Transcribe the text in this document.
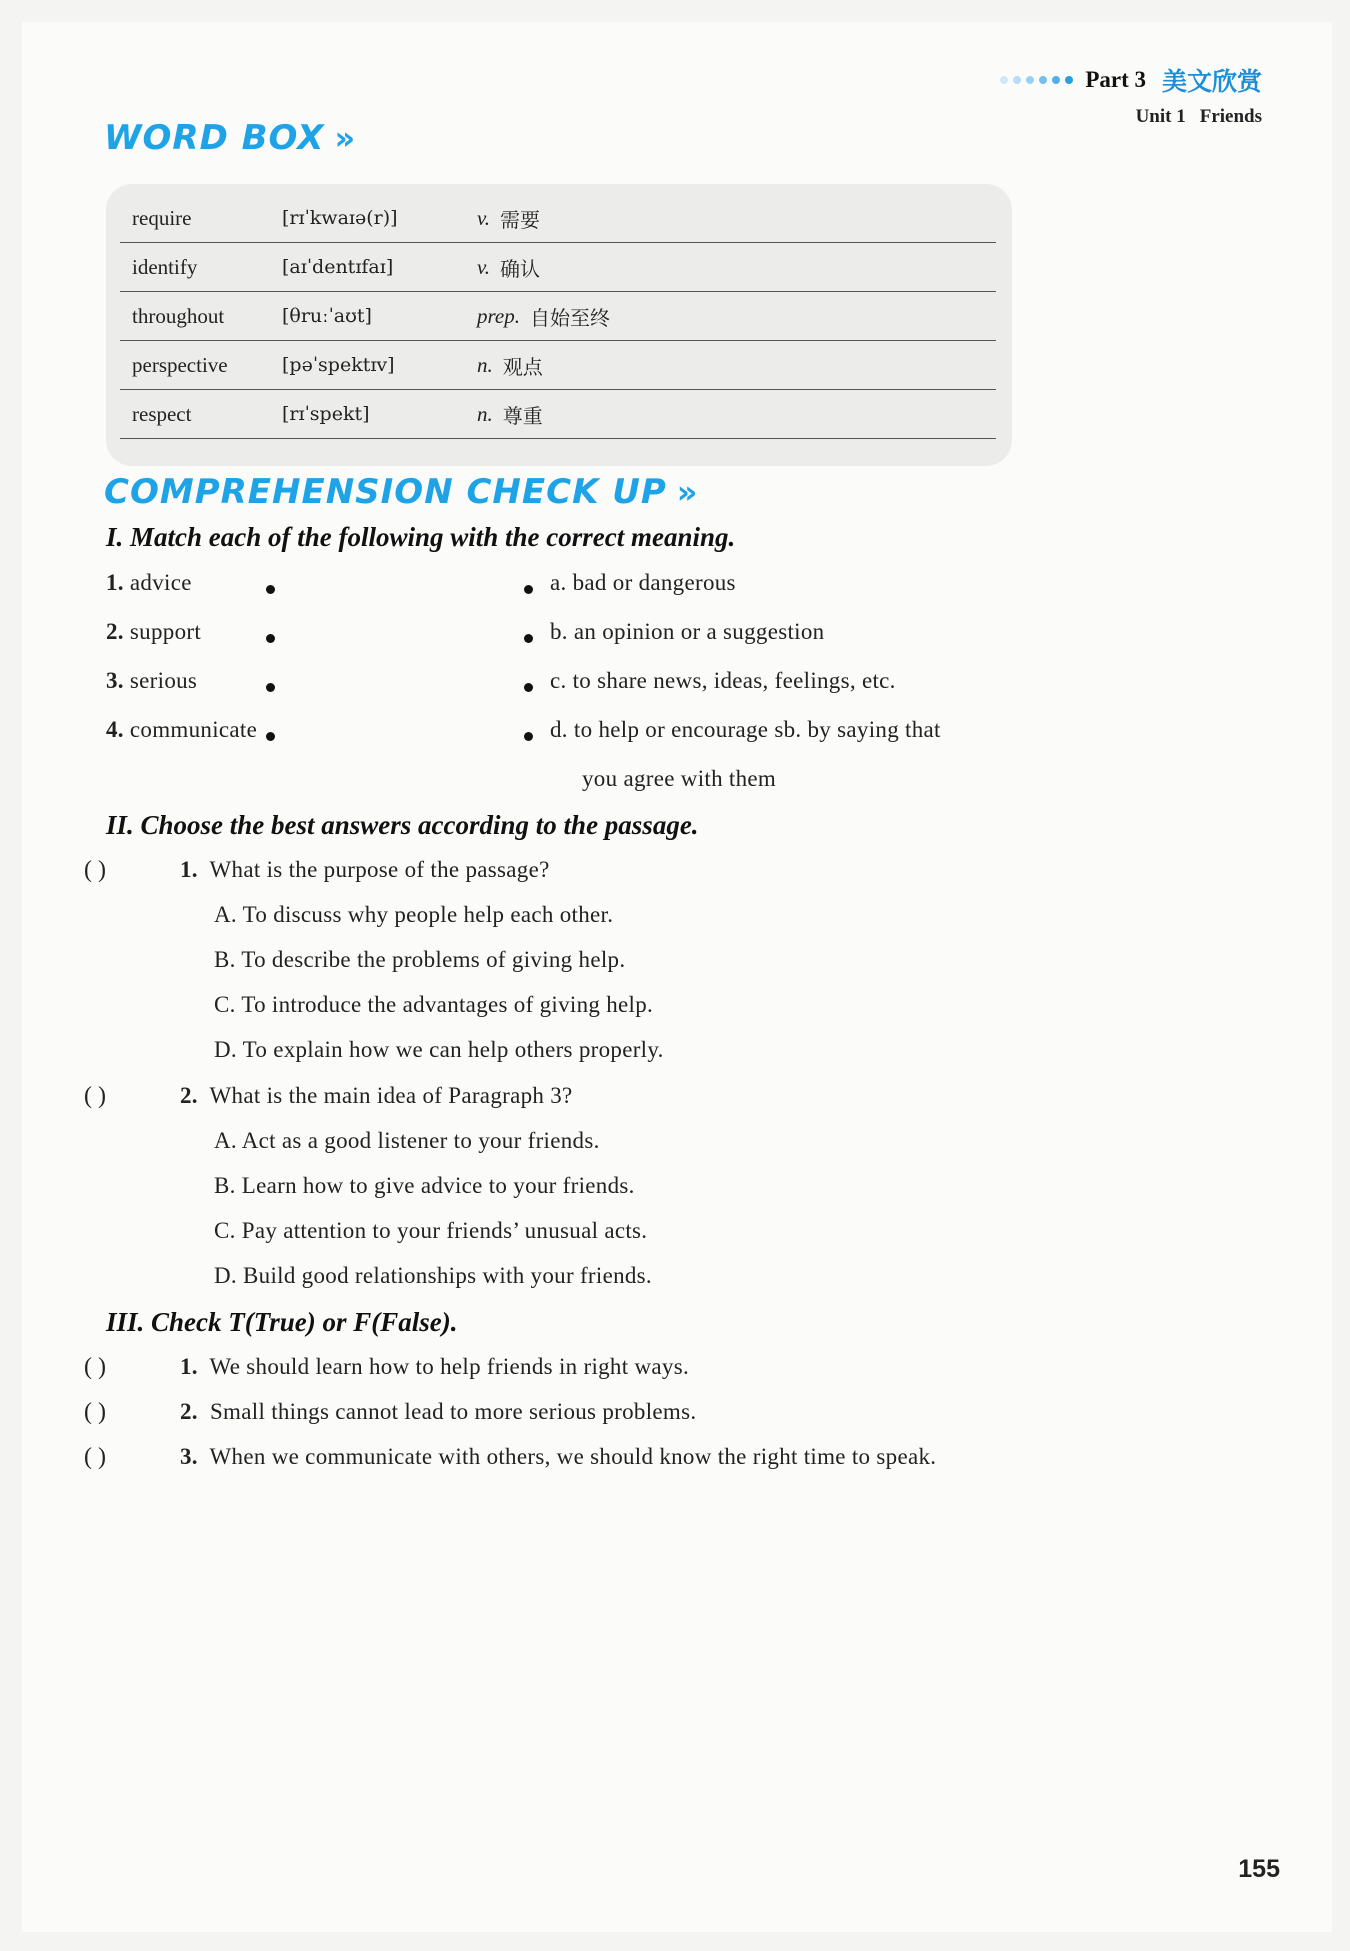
Part 3 美文欣赏
Unit 1 Friends
WORD BOX »
require	[rɪˈkwaɪə(r)]	v. 需要
identify	[aɪˈdentɪfaɪ]	v. 确认
throughout	[θruːˈaʊt]	prep. 自始至终
perspective	[pəˈspektɪv]	n. 观点
respect	[rɪˈspekt]	n. 尊重
COMPREHENSION CHECK UP »
I. Match each of the following with the correct meaning.
1. advice
2. support
3. serious
4. communicate
a. bad or dangerous
b. an opinion or a suggestion
c. to share news, ideas, feelings, etc.
d. to help or encourage sb. by saying that
you agree with them
II. Choose the best answers according to the passage.
( )	1. What is the purpose of the passage?
A. To discuss why people help each other.
B. To describe the problems of giving help.
C. To introduce the advantages of giving help.
D. To explain how we can help others properly.
( )	2. What is the main idea of Paragraph 3?
A. Act as a good listener to your friends.
B. Learn how to give advice to your friends.
C. Pay attention to your friends’ unusual acts.
D. Build good relationships with your friends.
III. Check T(True) or F(False).
( )	1. We should learn how to help friends in right ways.
( )	2. Small things cannot lead to more serious problems.
( )	3. When we communicate with others, we should know the right time to speak.
155
